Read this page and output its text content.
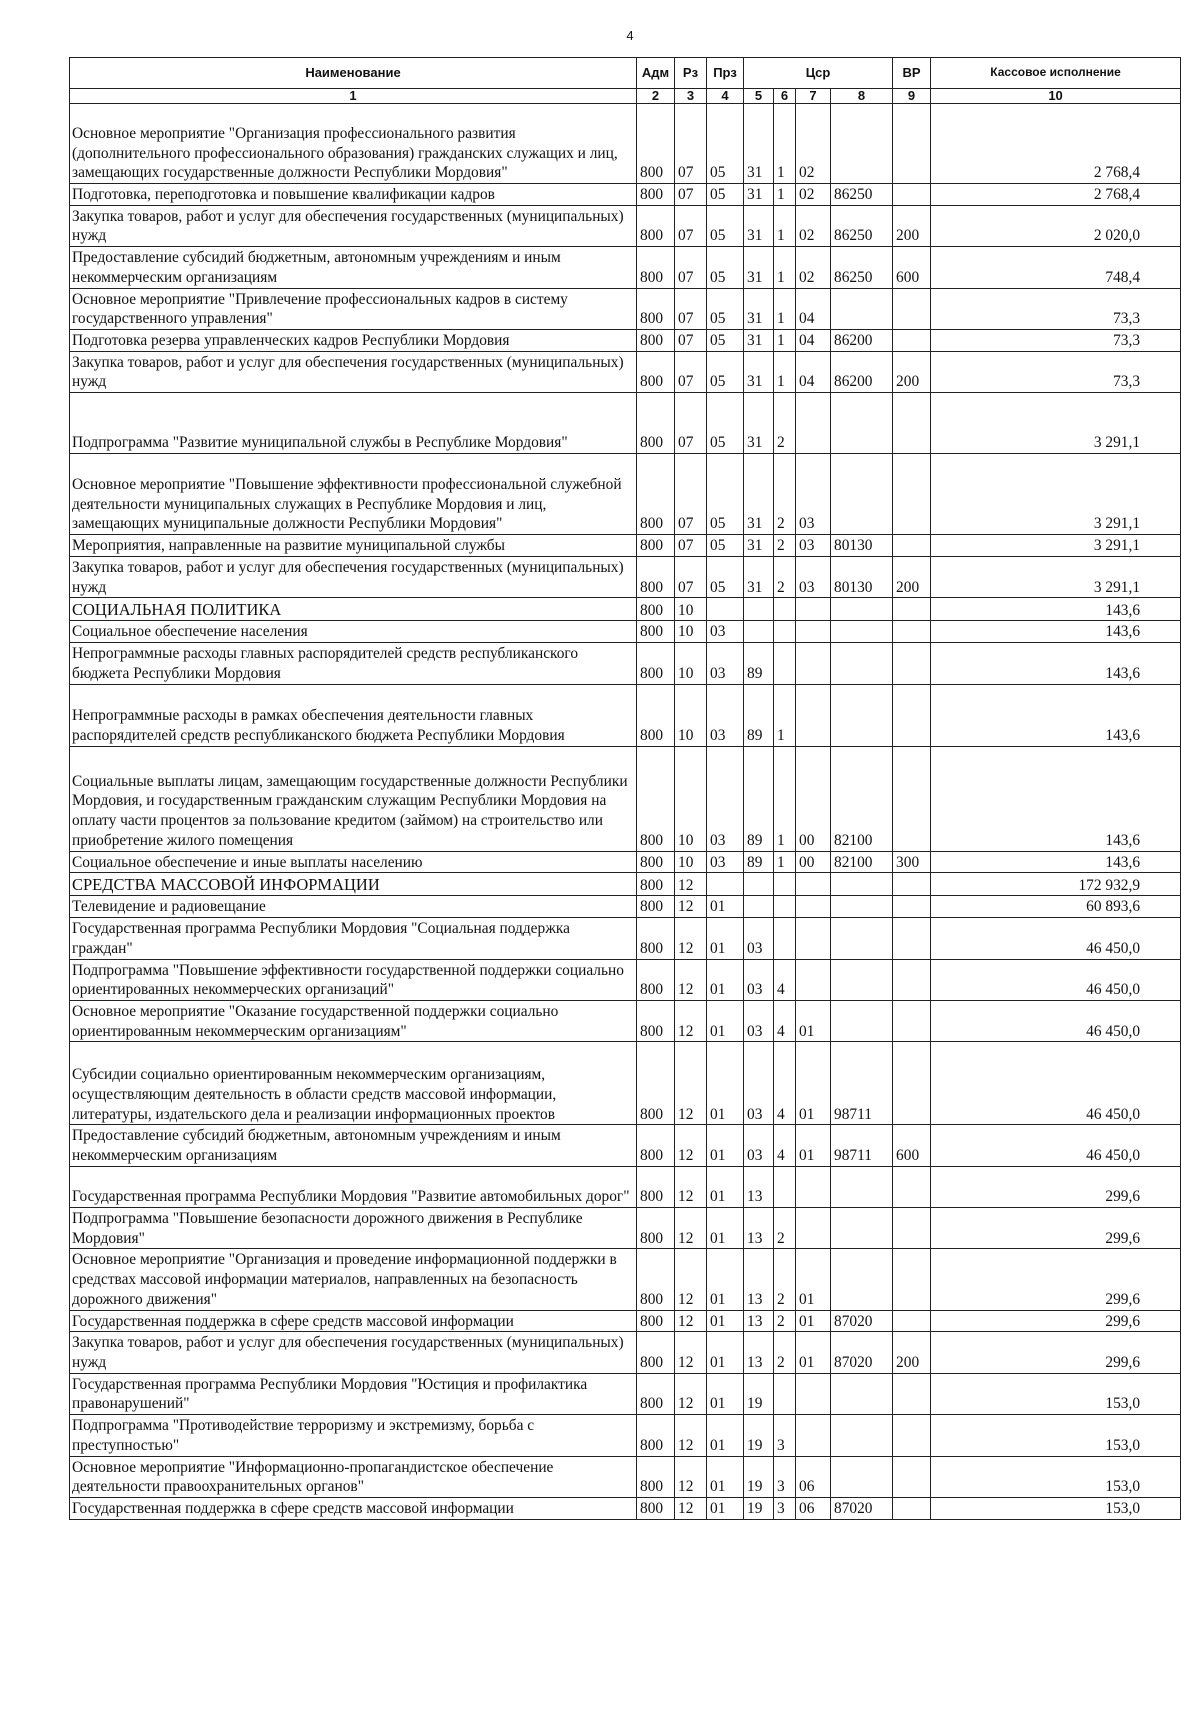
4
Наименование	Адм	Рз	Прз	Цср				ВР	Кассовое исполнение
1	2	3	4	5	6	7	8	9	10
Основное мероприятие "Организация профессионального развития (дополнительного профессионального образования) гражданских служащих и лиц, замещающих государственные должности Республики Мордовия"	800	07	05	31	1	02			2 768,4
Подготовка, переподготовка и повышение квалификации кадров	800	07	05	31	1	02	86250		2 768,4
Закупка товаров, работ и услуг для обеспечения государственных (муниципальных) нужд	800	07	05	31	1	02	86250	200	2 020,0
Предоставление субсидий бюджетным, автономным учреждениям и иным некоммерческим организациям	800	07	05	31	1	02	86250	600	748,4
Основное мероприятие "Привлечение профессиональных кадров в систему государственного управления"	800	07	05	31	1	04			73,3
Подготовка резерва управленческих кадров Республики Мордовия	800	07	05	31	1	04	86200		73,3
Закупка товаров, работ и услуг для обеспечения государственных (муниципальных) нужд	800	07	05	31	1	04	86200	200	73,3
Подпрограмма "Развитие муниципальной службы в Республике Мордовия"	800	07	05	31	2				3 291,1
Основное мероприятие "Повышение эффективности профессиональной служебной деятельности муниципальных служащих в Республике Мордовия и лиц, замещающих муниципальные должности Республики Мордовия"	800	07	05	31	2	03			3 291,1
Мероприятия, направленные на развитие муниципальной службы	800	07	05	31	2	03	80130		3 291,1
Закупка товаров, работ и услуг для обеспечения государственных (муниципальных) нужд	800	07	05	31	2	03	80130	200	3 291,1
СОЦИАЛЬНАЯ ПОЛИТИКА	800	10							143,6
Социальное обеспечение населения	800	10	03						143,6
Непрограммные расходы главных распорядителей средств республиканского бюджета Республики Мордовия	800	10	03	89					143,6
Непрограммные расходы в рамках обеспечения деятельности главных распорядителей средств республиканского бюджета Республики Мордовия	800	10	03	89	1				143,6
Социальные выплаты лицам, замещающим государственные должности Республики Мордовия, и государственным гражданским служащим Республики Мордовия на оплату части процентов за пользование кредитом (займом) на строительство или приобретение жилого помещения	800	10	03	89	1	00	82100		143,6
Социальное обеспечение и иные выплаты населению	800	10	03	89	1	00	82100	300	143,6
СРЕДСТВА МАССОВОЙ ИНФОРМАЦИИ	800	12							172 932,9
Телевидение и радиовещание	800	12	01						60 893,6
Государственная программа Республики Мордовия "Социальная поддержка граждан"	800	12	01	03					46 450,0
Подпрограмма "Повышение эффективности государственной поддержки социально ориентированных некоммерческих организаций"	800	12	01	03	4				46 450,0
Основное мероприятие "Оказание государственной поддержки социально ориентированным некоммерческим организациям"	800	12	01	03	4	01			46 450,0
Субсидии социально ориентированным некоммерческим организациям, осуществляющим деятельность в области средств массовой информации, литературы, издательского дела и реализации информационных проектов	800	12	01	03	4	01	98711		46 450,0
Предоставление субсидий бюджетным, автономным учреждениям и иным некоммерческим организациям	800	12	01	03	4	01	98711	600	46 450,0
Государственная программа Республики Мордовия "Развитие автомобильных дорог"	800	12	01	13					299,6
Подпрограмма "Повышение безопасности дорожного движения в Республике Мордовия"	800	12	01	13	2				299,6
Основное мероприятие "Организация и проведение информационной поддержки в средствах массовой информации материалов, направленных на безопасность дорожного движения"	800	12	01	13	2	01			299,6
Государственная поддержка в сфере средств массовой информации	800	12	01	13	2	01	87020		299,6
Закупка товаров, работ и услуг для обеспечения государственных (муниципальных) нужд	800	12	01	13	2	01	87020	200	299,6
Государственная программа Республики Мордовия "Юстиция и профилактика правонарушений"	800	12	01	19					153,0
Подпрограмма "Противодействие терроризму и экстремизму, борьба с преступностью"	800	12	01	19	3				153,0
Основное мероприятие "Информационно-пропагандистское обеспечение деятельности правоохранительных органов"	800	12	01	19	3	06			153,0
Государственная поддержка в сфере средств массовой информации	800	12	01	19	3	06	87020		153,0
